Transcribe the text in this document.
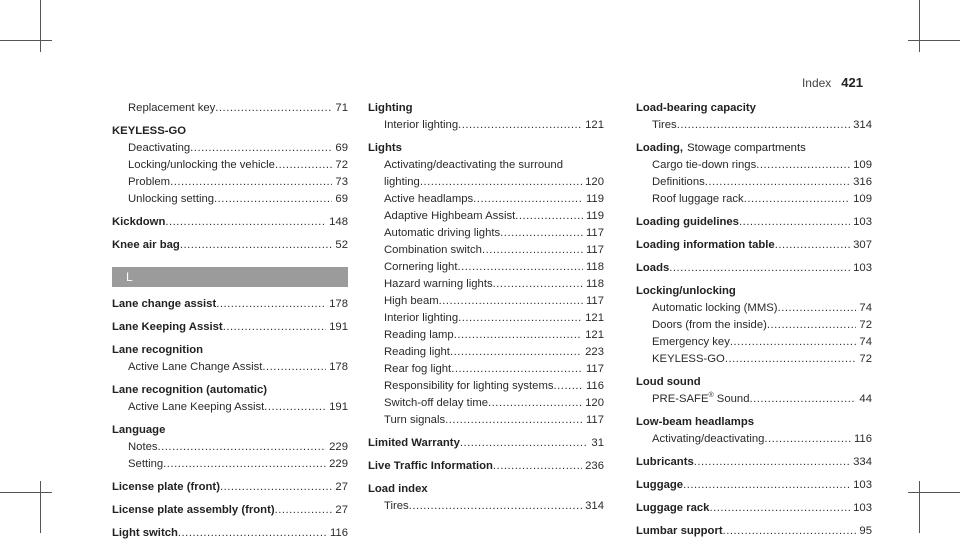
Index 421
Replacement key .....	71
KEYLESS-GO
Deactivating .....	69
Locking/unlocking the vehicle .....	72
Problem .....	73
Unlocking setting .....	69
Kickdown .....	148
Knee air bag .....	52
L
Lane change assist .....	178
Lane Keeping Assist .....	191
Lane recognition
Active Lane Change Assist .....	178
Lane recognition (automatic)
Active Lane Keeping Assist .....	191
Language
Notes .....	229
Setting .....	229
License plate (front) .....	27
License plate assembly (front) .....	27
Light switch .....	116
Lighting
Interior lighting .....	121
Lights
Activating/deactivating the surround
lighting .....	120
Active headlamps .....	119
Adaptive Highbeam Assist .....	119
Automatic driving lights .....	117
Combination switch .....	117
Cornering light .....	118
Hazard warning lights .....	118
High beam .....	117
Interior lighting .....	121
Reading lamp .....	121
Reading light .....	223
Rear fog light .....	117
Responsibility for lighting systems .....	116
Switch-off delay time .....	120
Turn signals .....	117
Limited Warranty .....	31
Live Traffic Information .....	236
Load index
Tires .....	314
Load-bearing capacity
Tires .....	314
Loading, Stowage compartments
Cargo tie-down rings .....	109
Definitions .....	316
Roof luggage rack .....	109
Loading guidelines .....	103
Loading information table .....	307
Loads .....	103
Locking/unlocking
Automatic locking (MMS) .....	74
Doors (from the inside) .....	72
Emergency key .....	74
KEYLESS-GO .....	72
Loud sound
PRE-SAFE® Sound .....	44
Low-beam headlamps
Activating/deactivating .....	116
Lubricants .....	334
Luggage .....	103
Luggage rack .....	103
Lumbar support .....	95
